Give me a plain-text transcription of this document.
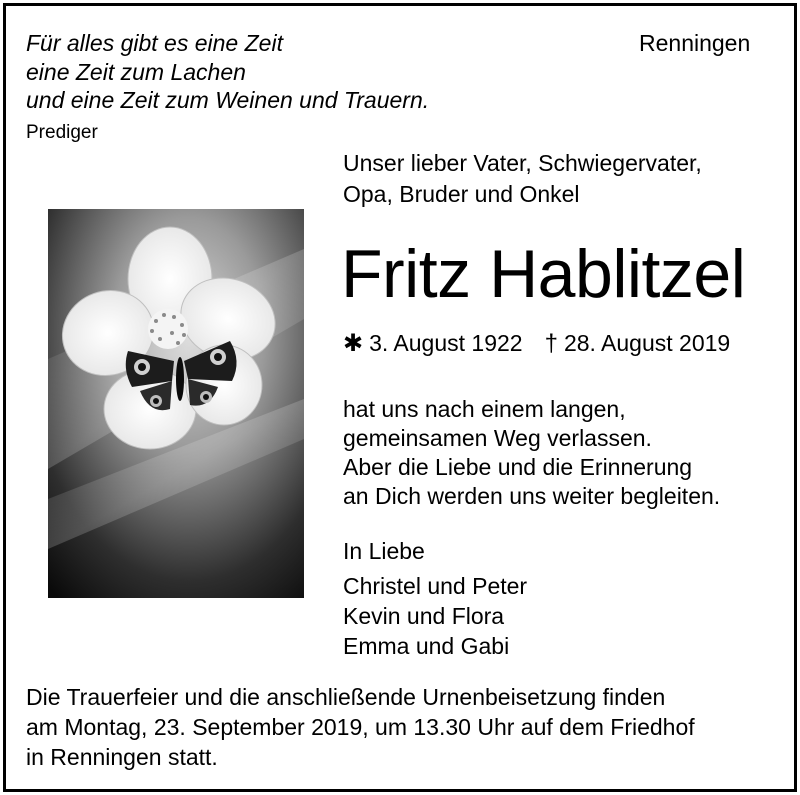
Für alles gibt es eine Zeit
eine Zeit zum Lachen
und eine Zeit zum Weinen und Trauern.
Prediger
Renningen
Unser lieber Vater, Schwiegervater,
Opa, Bruder und Onkel
Fritz Hablitzel
✱ 3. August 1922 † 28. August 2019
hat uns nach einem langen,
gemeinsamen Weg verlassen.
Aber die Liebe und die Erinnerung
an Dich werden uns weiter begleiten.
In Liebe
Christel und Peter
Kevin und Flora
Emma und Gabi
Die Trauerfeier und die anschließende Urnenbeisetzung finden
am Montag, 23. September 2019, um 13.30 Uhr auf dem Friedhof
in Renningen statt.
